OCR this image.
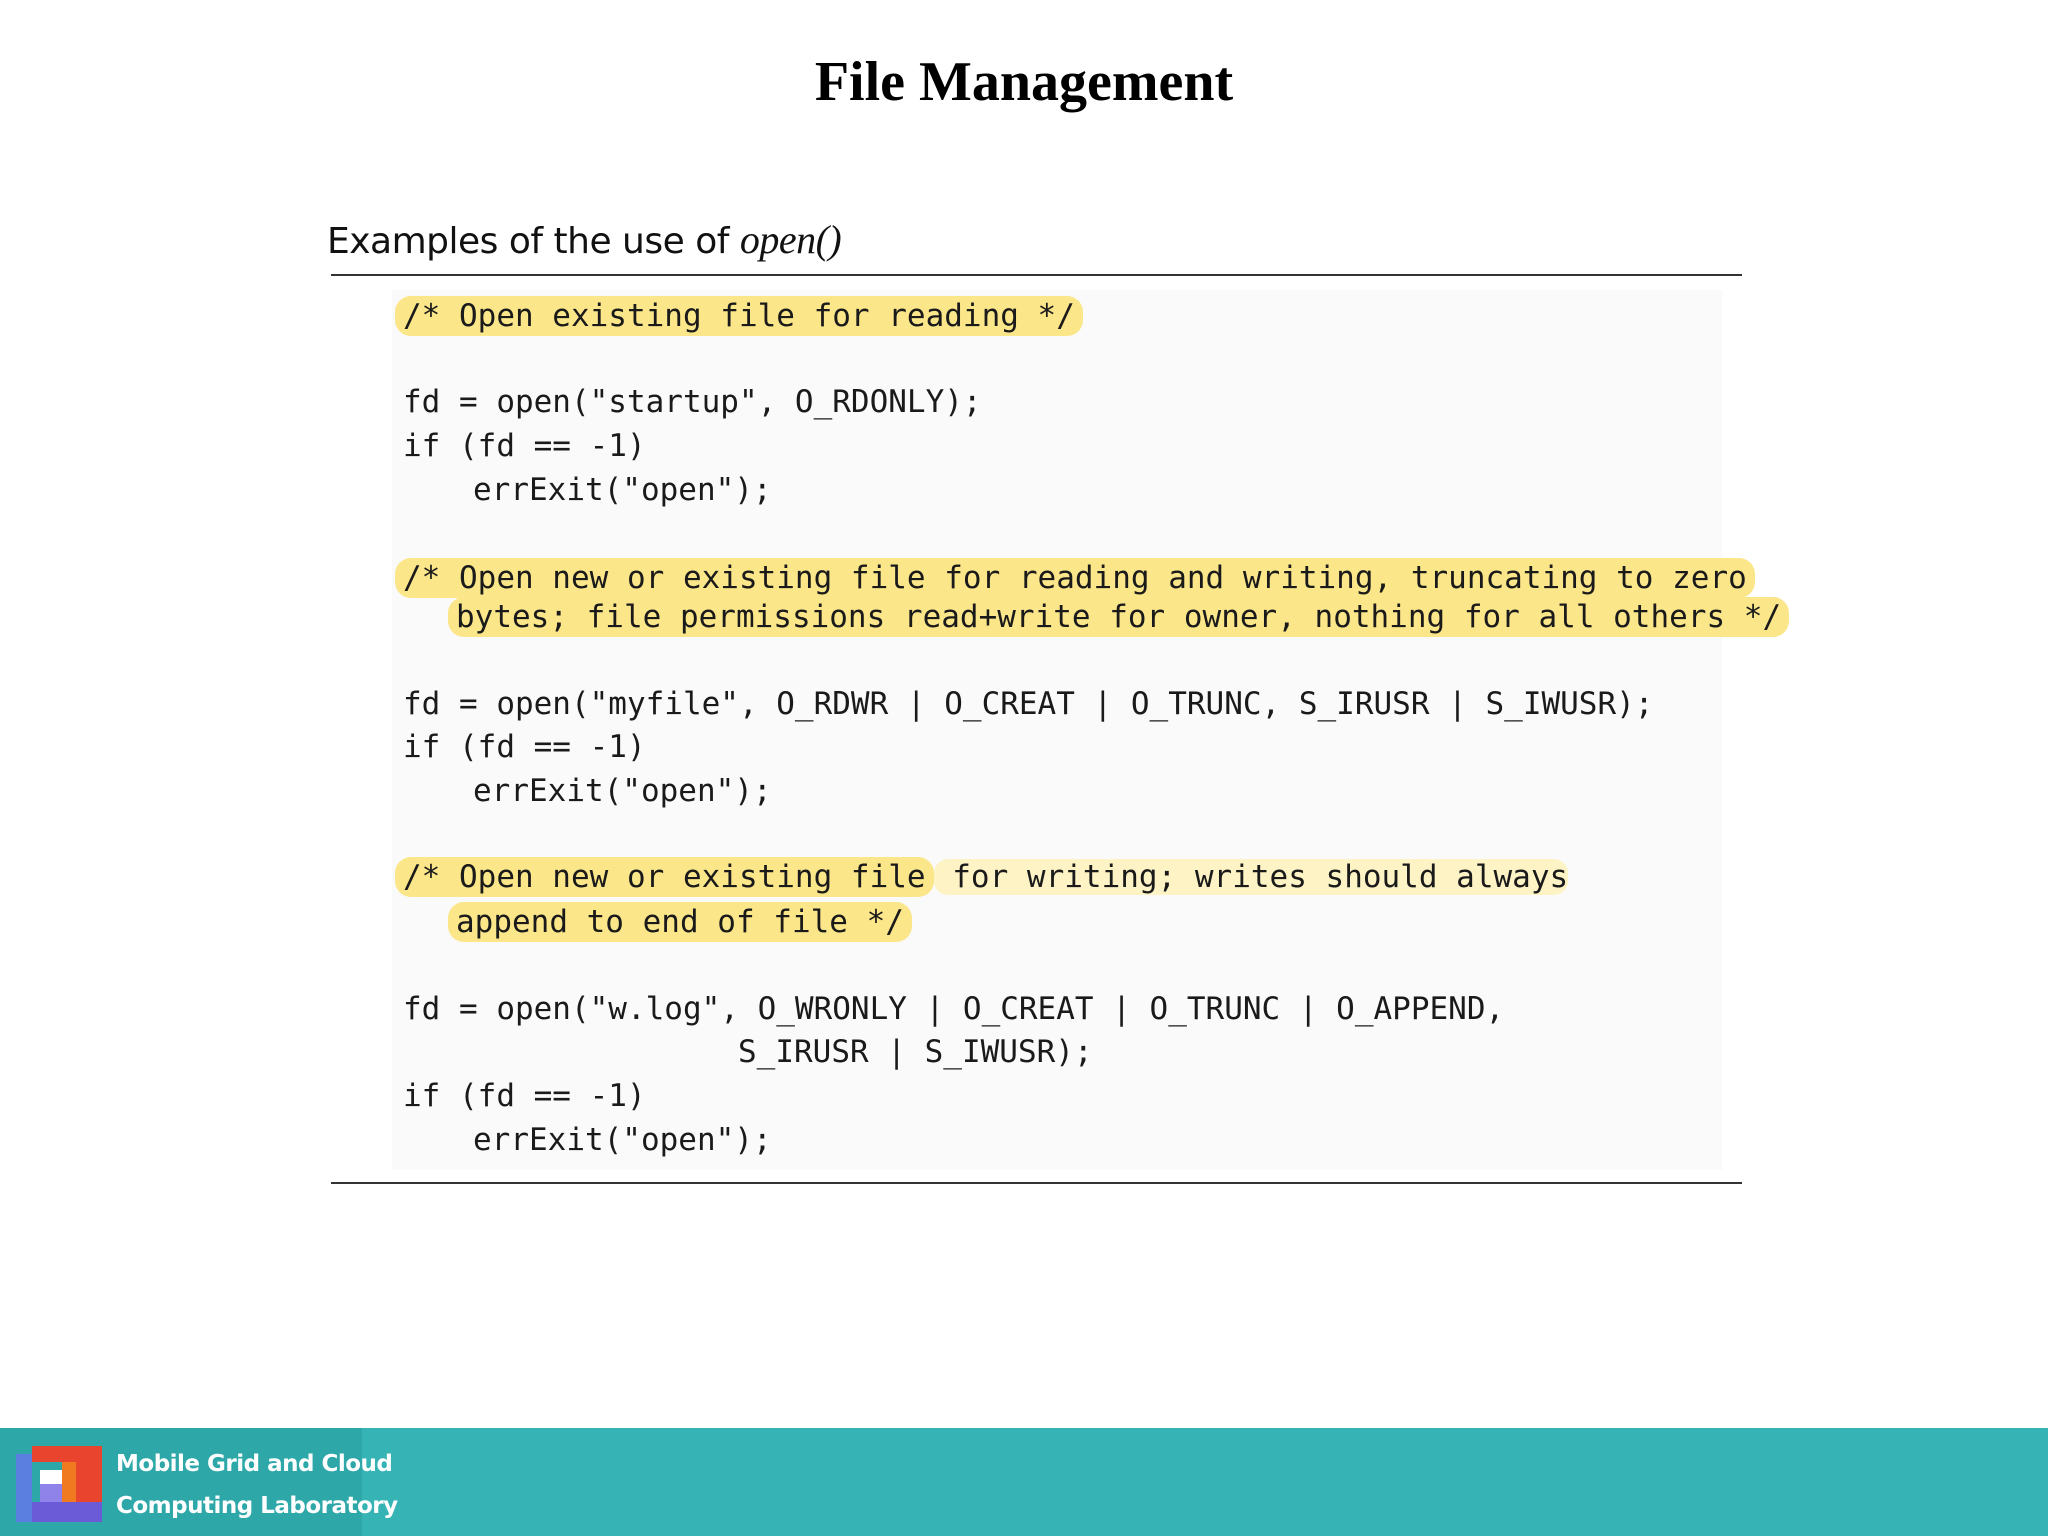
File Management
Examples of the use of open()
/* Open existing file for reading */
fd = open("startup", O_RDONLY);
if (fd == -1)
errExit("open");
/* Open new or existing file for reading and writing, truncating to zero
bytes; file permissions read+write for owner, nothing for all others */
fd = open("myfile", O_RDWR | O_CREAT | O_TRUNC, S_IRUSR | S_IWUSR);
if (fd == -1)
errExit("open");
/* Open new or existing file for writing; writes should always
append to end of file */
fd = open("w.log", O_WRONLY | O_CREAT | O_TRUNC | O_APPEND,
S_IRUSR | S_IWUSR);
if (fd == -1)
errExit("open");
Mobile Grid and Cloud
Computing Laboratory
